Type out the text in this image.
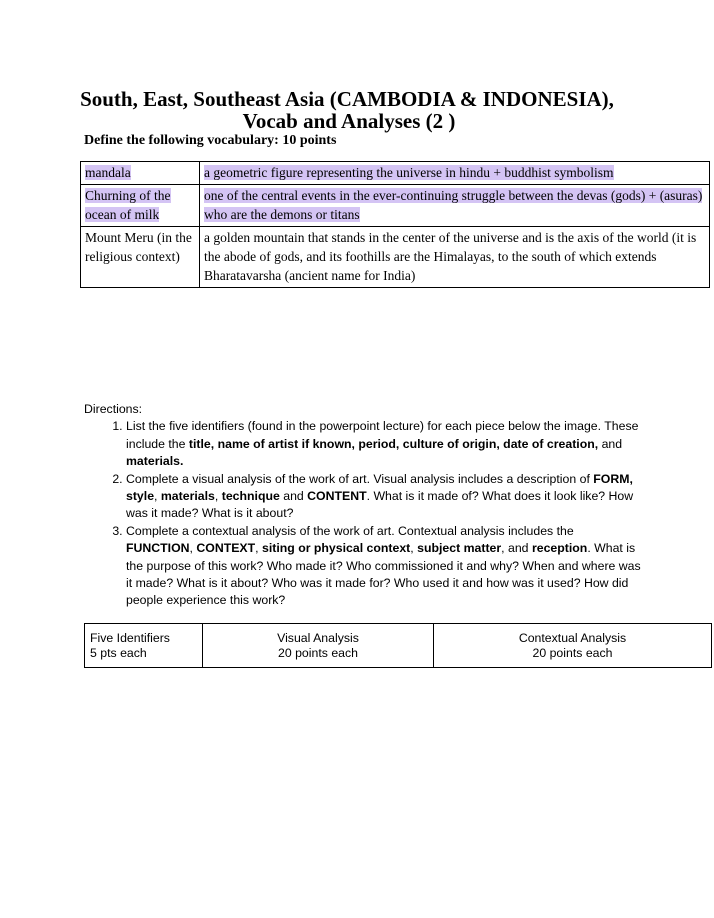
South, East, Southeast Asia (CAMBODIA & INDONESIA),
Vocab and Analyses (2 )
Define the following vocabulary: 10 points
mandala	a geometric figure representing the universe in hindu + buddhist symbolism
Churning of the ocean of milk	one of the central events in the ever-continuing struggle between the devas (gods) + (asuras) who are the demons or titans
Mount Meru (in the religious context)	a golden mountain that stands in the center of the universe and is the axis of the world (it is the abode of gods, and its foothills are the Himalayas, to the south of which extends Bharatavarsha (ancient name for India)
Directions:
1. List the five identifiers (found in the powerpoint lecture) for each piece below the image. These include the title, name of artist if known, period, culture of origin, date of creation, and materials.
2. Complete a visual analysis of the work of art. Visual analysis includes a description of FORM, style, materials, technique and CONTENT. What is it made of? What does it look like? How was it made? What is it about?
3. Complete a contextual analysis of the work of art. Contextual analysis includes the FUNCTION, CONTEXT, siting or physical context, subject matter, and reception. What is the purpose of this work? Who made it? Who commissioned it and why? When and where was it made? What is it about? Who was it made for? Who used it and how was it used? How did people experience this work?
Five Identifiers
5 pts each

Visual Analysis
20 points each

Contextual Analysis
20 points each
